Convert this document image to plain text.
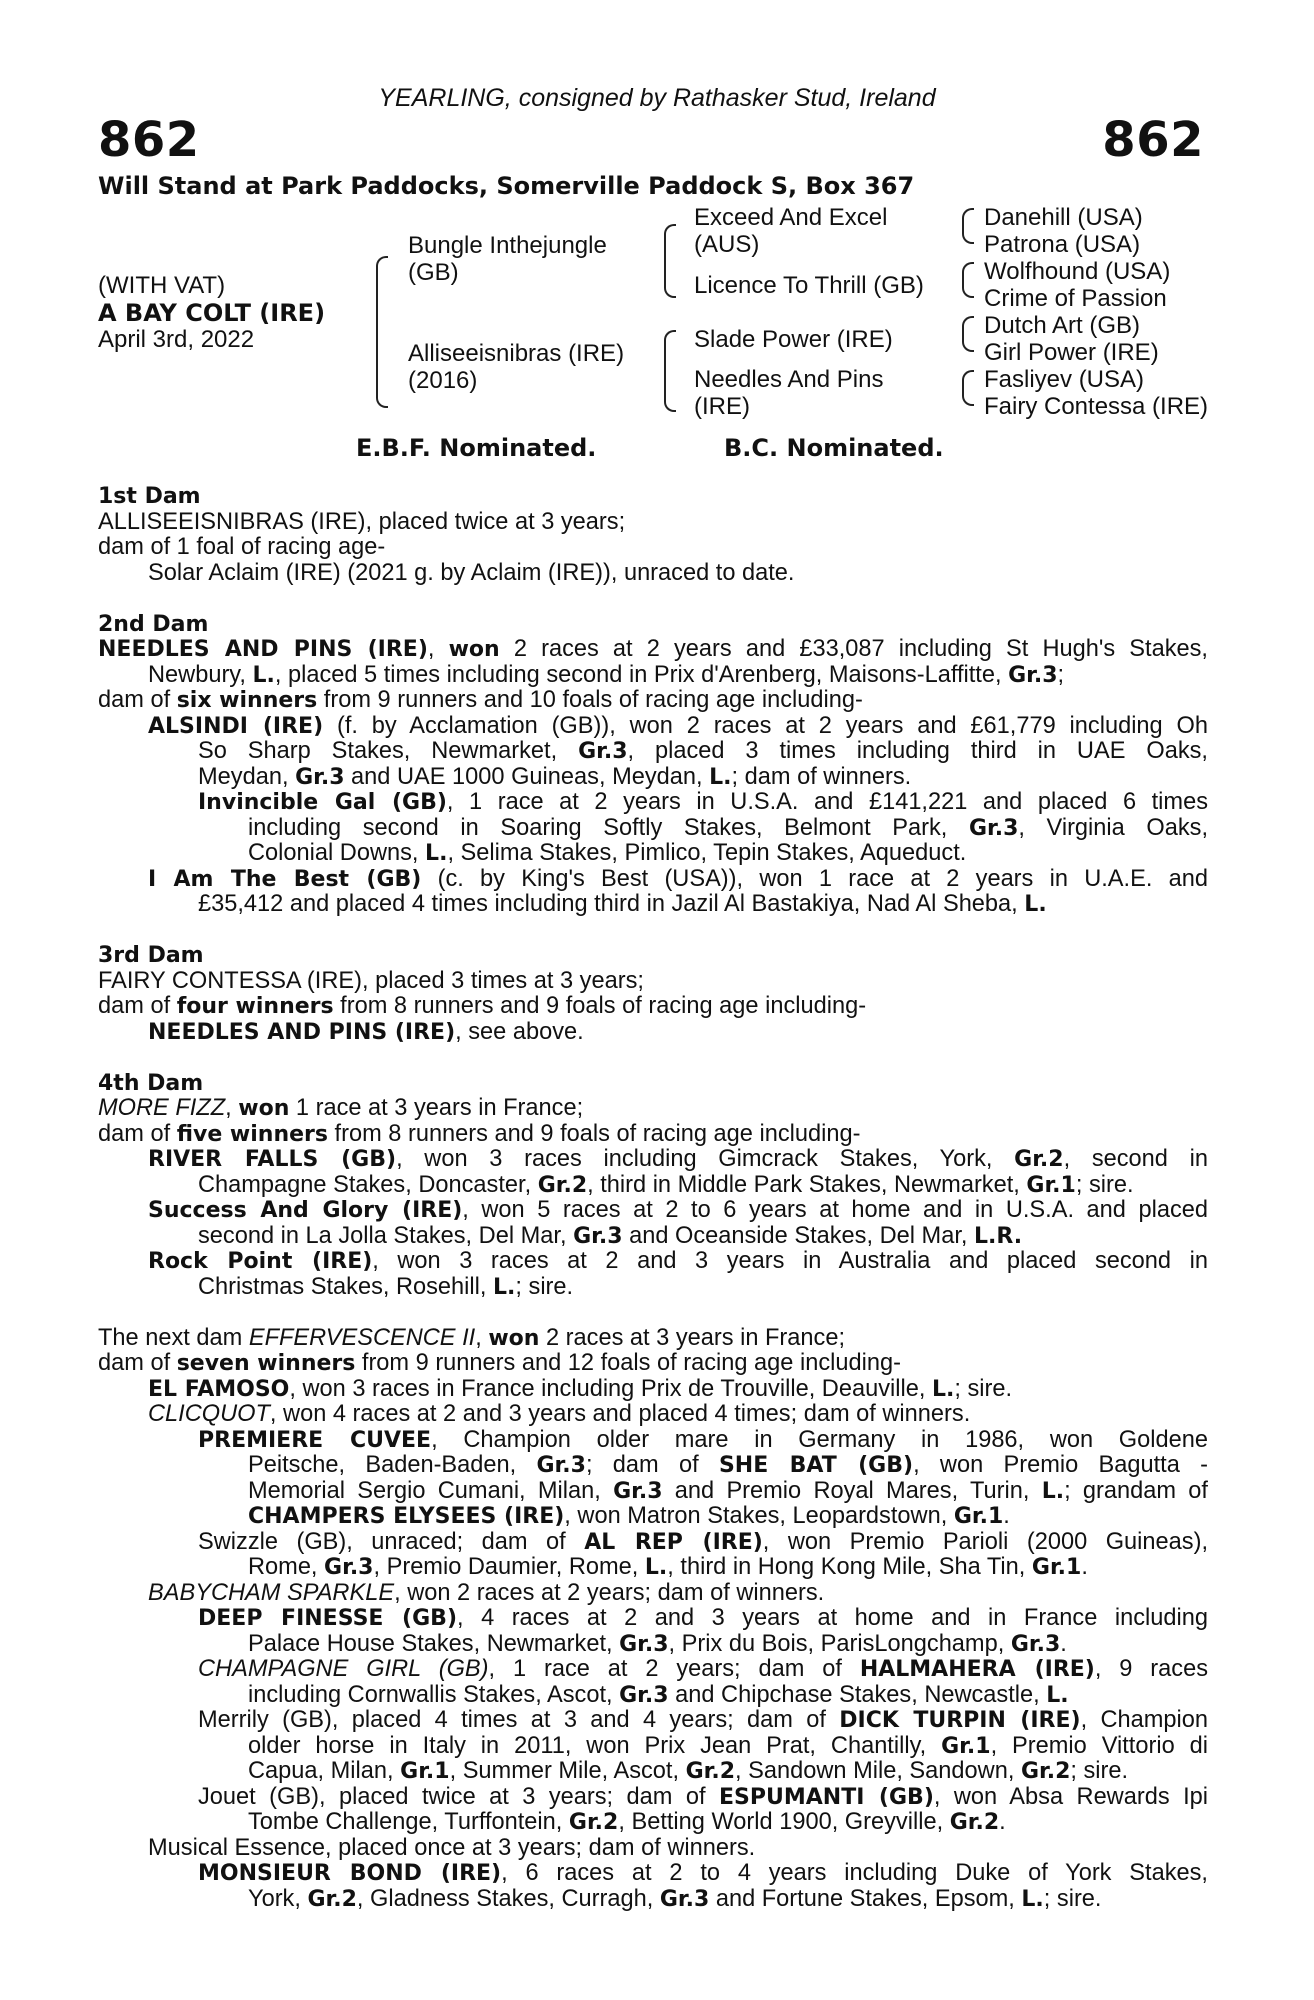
YEARLING, consigned by Rathasker Stud, Ireland
862	862
Will Stand at Park Paddocks, Somerville Paddock S, Box 367
(WITH VAT)
A BAY COLT (IRE)
April 3rd, 2022
Bungle Inthejungle
(GB)
Alliseeisnibras (IRE)
(2016)
Exceed And Excel
(AUS)
Licence To Thrill (GB)
Slade Power (IRE)
Needles And Pins
(IRE)
Danehill (USA)
Patrona (USA)
Wolfhound (USA)
Crime of Passion
Dutch Art (GB)
Girl Power (IRE)
Fasliyev (USA)
Fairy Contessa (IRE)
E.B.F. Nominated.	B.C. Nominated.
1st Dam
ALLISEEISNIBRAS (IRE), placed twice at 3 years;
dam of 1 foal of racing age-
Solar Aclaim (IRE) (2021 g. by Aclaim (IRE)), unraced to date.
2nd Dam
NEEDLES AND PINS (IRE), won 2 races at 2 years and £33,087 including St Hugh's Stakes,
Newbury, L., placed 5 times including second in Prix d'Arenberg, Maisons-Laffitte, Gr.3;
dam of six winners from 9 runners and 10 foals of racing age including-
ALSINDI (IRE) (f. by Acclamation (GB)), won 2 races at 2 years and £61,779 including Oh
So Sharp Stakes, Newmarket, Gr.3, placed 3 times including third in UAE Oaks,
Meydan, Gr.3 and UAE 1000 Guineas, Meydan, L.; dam of winners.
Invincible Gal (GB), 1 race at 2 years in U.S.A. and £141,221 and placed 6 times
including second in Soaring Softly Stakes, Belmont Park, Gr.3, Virginia Oaks,
Colonial Downs, L., Selima Stakes, Pimlico, Tepin Stakes, Aqueduct.
I Am The Best (GB) (c. by King's Best (USA)), won 1 race at 2 years in U.A.E. and
£35,412 and placed 4 times including third in Jazil Al Bastakiya, Nad Al Sheba, L.
3rd Dam
FAIRY CONTESSA (IRE), placed 3 times at 3 years;
dam of four winners from 8 runners and 9 foals of racing age including-
NEEDLES AND PINS (IRE), see above.
4th Dam
MORE FIZZ, won 1 race at 3 years in France;
dam of five winners from 8 runners and 9 foals of racing age including-
RIVER FALLS (GB), won 3 races including Gimcrack Stakes, York, Gr.2, second in
Champagne Stakes, Doncaster, Gr.2, third in Middle Park Stakes, Newmarket, Gr.1; sire.
Success And Glory (IRE), won 5 races at 2 to 6 years at home and in U.S.A. and placed
second in La Jolla Stakes, Del Mar, Gr.3 and Oceanside Stakes, Del Mar, L.R.
Rock Point (IRE), won 3 races at 2 and 3 years in Australia and placed second in
Christmas Stakes, Rosehill, L.; sire.
The next dam EFFERVESCENCE II, won 2 races at 3 years in France;
dam of seven winners from 9 runners and 12 foals of racing age including-
EL FAMOSO, won 3 races in France including Prix de Trouville, Deauville, L.; sire.
CLICQUOT, won 4 races at 2 and 3 years and placed 4 times; dam of winners.
PREMIERE CUVEE, Champion older mare in Germany in 1986, won Goldene
Peitsche, Baden-Baden, Gr.3; dam of SHE BAT (GB), won Premio Bagutta -
Memorial Sergio Cumani, Milan, Gr.3 and Premio Royal Mares, Turin, L.; grandam of
CHAMPERS ELYSEES (IRE), won Matron Stakes, Leopardstown, Gr.1.
Swizzle (GB), unraced; dam of AL REP (IRE), won Premio Parioli (2000 Guineas),
Rome, Gr.3, Premio Daumier, Rome, L., third in Hong Kong Mile, Sha Tin, Gr.1.
BABYCHAM SPARKLE, won 2 races at 2 years; dam of winners.
DEEP FINESSE (GB), 4 races at 2 and 3 years at home and in France including
Palace House Stakes, Newmarket, Gr.3, Prix du Bois, ParisLongchamp, Gr.3.
CHAMPAGNE GIRL (GB), 1 race at 2 years; dam of HALMAHERA (IRE), 9 races
including Cornwallis Stakes, Ascot, Gr.3 and Chipchase Stakes, Newcastle, L.
Merrily (GB), placed 4 times at 3 and 4 years; dam of DICK TURPIN (IRE), Champion
older horse in Italy in 2011, won Prix Jean Prat, Chantilly, Gr.1, Premio Vittorio di
Capua, Milan, Gr.1, Summer Mile, Ascot, Gr.2, Sandown Mile, Sandown, Gr.2; sire.
Jouet (GB), placed twice at 3 years; dam of ESPUMANTI (GB), won Absa Rewards Ipi
Tombe Challenge, Turffontein, Gr.2, Betting World 1900, Greyville, Gr.2.
Musical Essence, placed once at 3 years; dam of winners.
MONSIEUR BOND (IRE), 6 races at 2 to 4 years including Duke of York Stakes,
York, Gr.2, Gladness Stakes, Curragh, Gr.3 and Fortune Stakes, Epsom, L.; sire.
